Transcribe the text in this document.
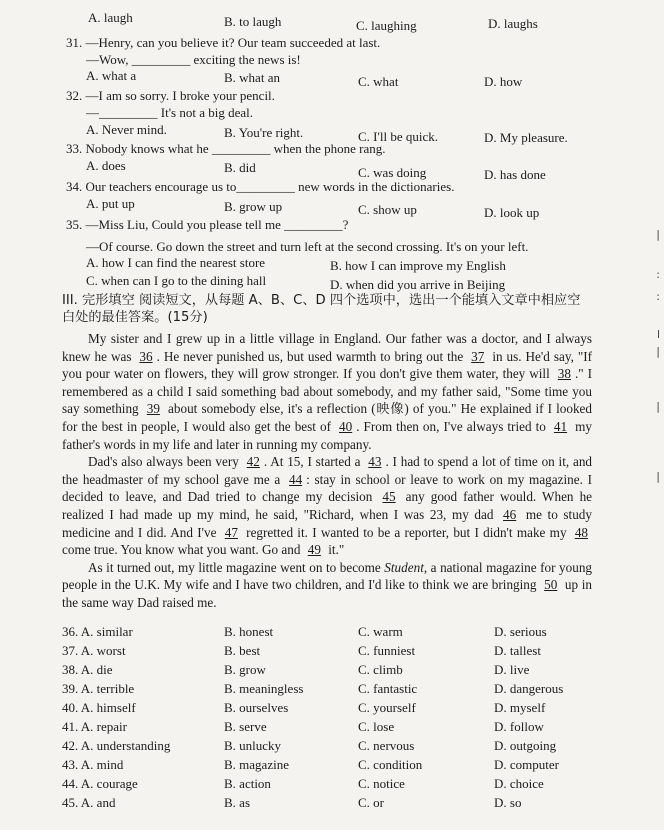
A. laugh	B. to laugh	C. laughing	D. laughs
31. —Henry, can you believe it? Our team succeeded at last.
—Wow, _________ exciting the news is!
A. what a	B. what an	C. what	D. how
32. —I am so sorry. I broke your pencil.
—_________ It's not a big deal.
A. Never mind.	B. You're right.	C. I'll be quick.	D. My pleasure.
33. Nobody knows what he _________ when the phone rang.
A. does	B. did	C. was doing	D. has done
34. Our teachers encourage us to_________ new words in the dictionaries.
A. put up	B. grow up	C. show up	D. look up
35. —Miss Liu, Could you please tell me _________?
—Of course. Go down the street and turn left at the second crossing. It's on your left.
A. how I can find the nearest store	B. how I can improve my English
C. when can I go to the dining hall	D. when did you arrive in Beijing
III. 完形填空 阅读短文，从每题 A、B、C、D 四个选项中，选出一个能填入文章中相应空白处的最佳答案。(15分)

My sister and I grew up in a little village in England. Our father was a doctor, and I always knew he was 36 . He never punished us, but used warmth to bring out the 37 in us. He'd say, "If you pour water on flowers, they will grow stronger. If you don't give them water, they will 38 ." I remembered as a child I said something bad about somebody, and my father said, "Some time you say something 39 about somebody else, it's a reflection (映像) of you." He explained if I looked for the best in people, I would also get the best of 40 . From then on, I've always tried to 41 my father's words in my life and later in running my company.

Dad's also always been very 42 . At 15, I started a 43 . I had to spend a lot of time on it, and the headmaster of my school gave me a 44 : stay in school or leave to work on my magazine. I decided to leave, and Dad tried to change my decision 45 any good father would. When he realized I had made up my mind, he said, "Richard, when I was 23, my dad 46 me to study medicine and I did. And I've 47 regretted it. I wanted to be a reporter, but I didn't make my 48 come true. You know what you want. Go and 49 it."

As it turned out, my little magazine went on to become Student, a national magazine for young people in the U.K. My wife and I have two children, and I'd like to think we are bringing 50 up in the same way Dad raised me.

36. A. similar	B. honest	C. warm	D. serious
37. A. worst	B. best	C. funniest	D. tallest
38. A. die	B. grow	C. climb	D. live
39. A. terrible	B. meaningless	C. fantastic	D. dangerous
40. A. himself	B. ourselves	C. yourself	D. myself
41. A. repair	B. serve	C. lose	D. follow
42. A. understanding	B. unlucky	C. nervous	D. outgoing
43. A. mind	B. magazine	C. condition	D. computer
44. A. courage	B. action	C. notice	D. choice
45. A. and	B. as	C. or	D. so
|
:
:
l
|
|
|
